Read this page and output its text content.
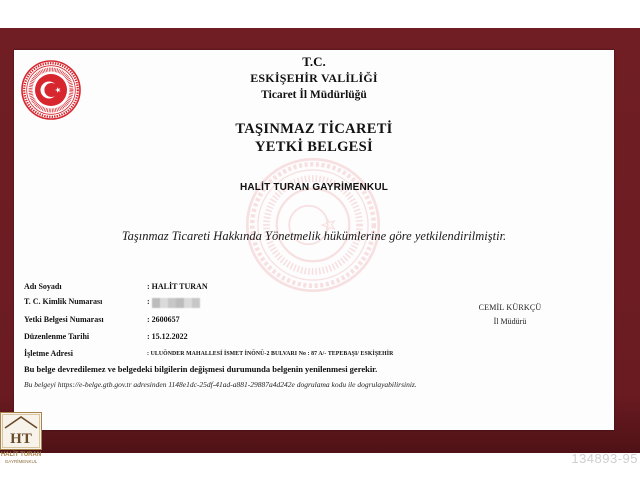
T.C.
ESKİŞEHİR VALİLİĞİ
Ticaret İl Müdürlüğü
TAŞINMAZ TİCARETİ
YETKİ BELGESİ
HALİT TURAN GAYRİMENKUL
Taşınmaz Ticareti Hakkında Yönetmelik hükümlerine göre yetkilendirilmiştir.
Adı Soyadı	: HALİT TURAN
T. C. Kimlik Numarası	:
Yetki Belgesi Numarası	: 2600657
Düzenlenme Tarihi	: 15.12.2022
İşletme Adresi	: ULUÖNDER MAHALLESİ İSMET İNÖNÜ-2 BULVARI No : 87 A/- TEPEBAŞI/ ESKİŞEHİR
Bu belge devredilemez ve belgedeki bilgilerin değişmesi durumunda belgenin yenilenmesi gerekir.
Bu belgeyi https://e-belge.gtb.gov.tr adresinden 1148e1dc-25df-41ad-a881-29887a4d242e dogrulama kodu ile dogrulayabilirsiniz.
CEMİL KÜRKÇÜ
İl Müdürü
HT
HALİT TURAN
GAYRİMENKUL	134893-95
